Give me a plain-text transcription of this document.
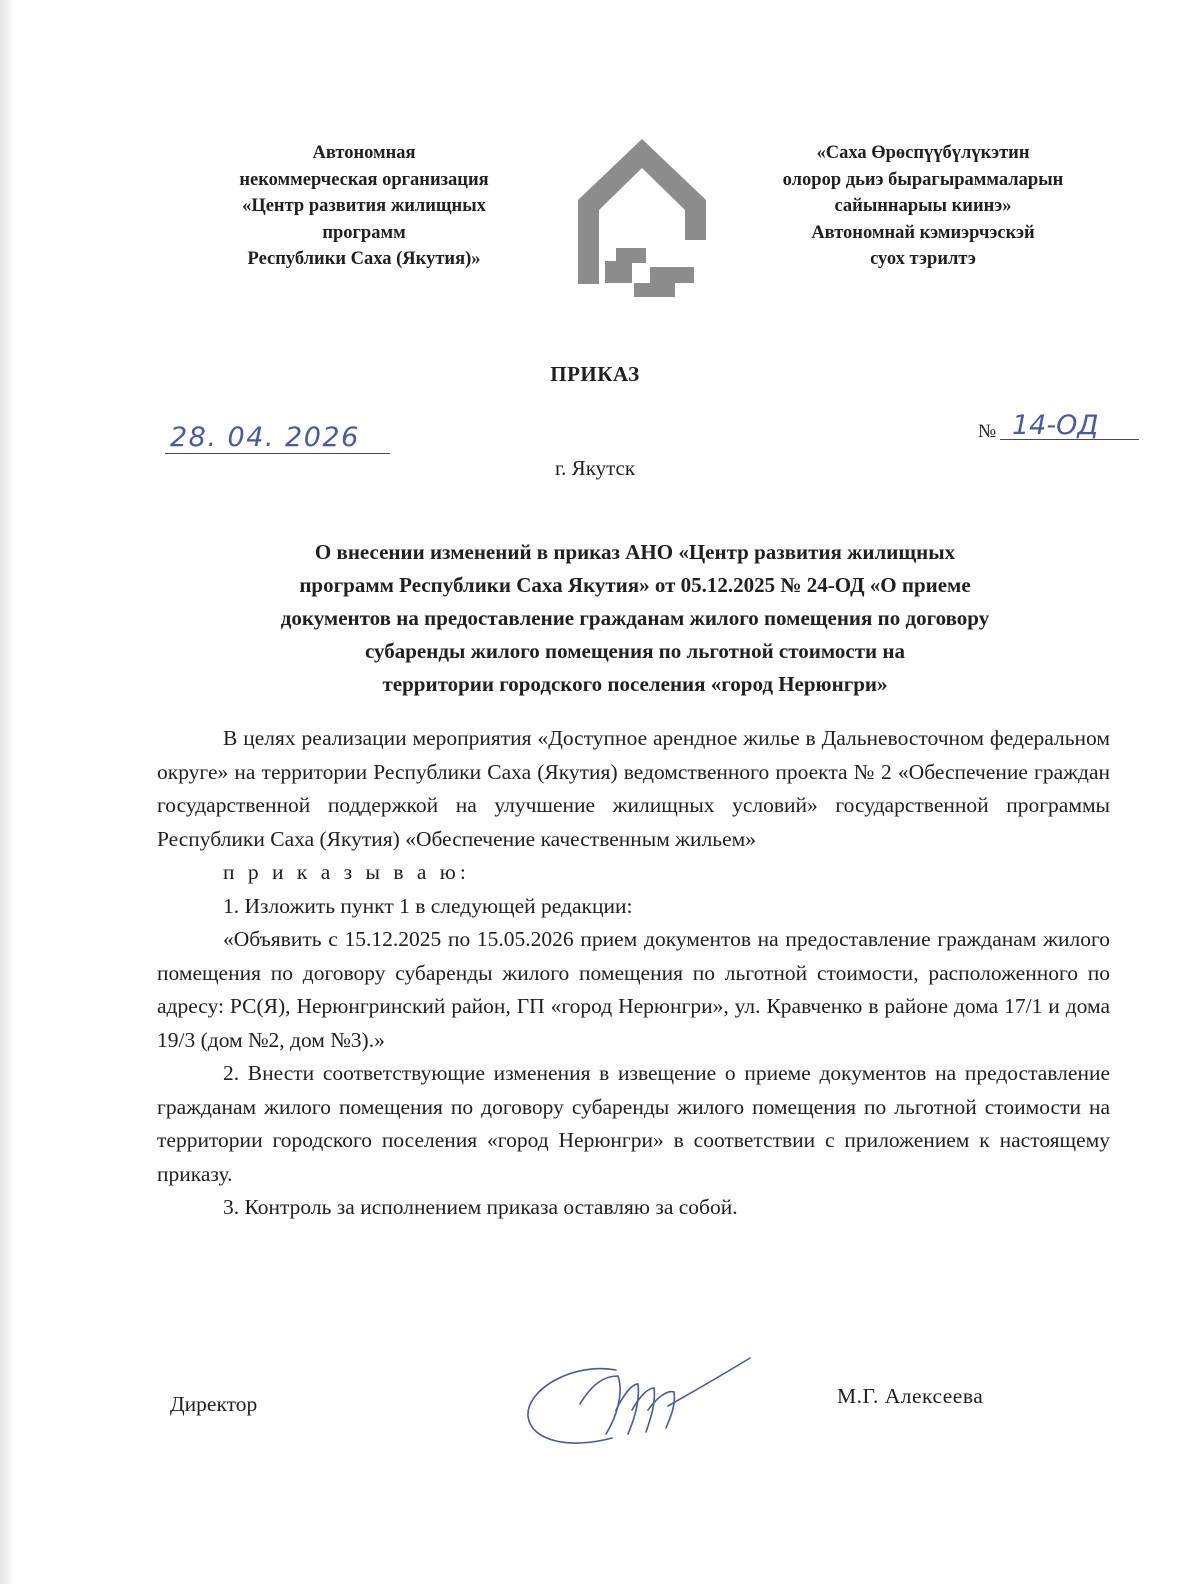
Автономная
некоммерческая организация
«Центр развития жилищных
программ
Республики Саха (Якутия)»
«Саха Өрөспүүбүлүкэтин
олорор дьиэ бырагыраммаларын
сайыннарыы киинэ»
Автономнай кэмиэрчэскэй
суох тэрилтэ
ПРИКАЗ
28. 04. 2026	№ 14-ОД
г. Якутск
О внесении изменений в приказ АНО «Центр развития жилищных
программ Республики Саха Якутия» от 05.12.2025 № 24-ОД «О приеме
документов на предоставление гражданам жилого помещения по договору
субаренды жилого помещения по льготной стоимости на
территории городского поселения «город Нерюнгри»

В целях реализации мероприятия «Доступное арендное жилье в Дальневосточном федеральном округе» на территории Республики Саха (Якутия) ведомственного проекта № 2 «Обеспечение граждан государственной поддержкой на улучшение жилищных условий» государственной программы Республики Саха (Якутия) «Обеспечение качественным жильем»

п р и к а з ы в а ю:

1. Изложить пункт 1 в следующей редакции:

«Объявить с 15.12.2025 по 15.05.2026 прием документов на предоставление гражданам жилого помещения по договору субаренды жилого помещения по льготной стоимости, расположенного по адресу: РС(Я), Нерюнгринский район, ГП «город Нерюнгри», ул. Кравченко в районе дома 17/1 и дома 19/3 (дом №2, дом №3).»

2. Внести соответствующие изменения в извещение о приеме документов на предоставление гражданам жилого помещения по договору субаренды жилого помещения по льготной стоимости на территории городского поселения «город Нерюнгри» в соответствии с приложением к настоящему приказу.

3. Контроль за исполнением приказа оставляю за собой.

Директор	М.Г. Алексеева
